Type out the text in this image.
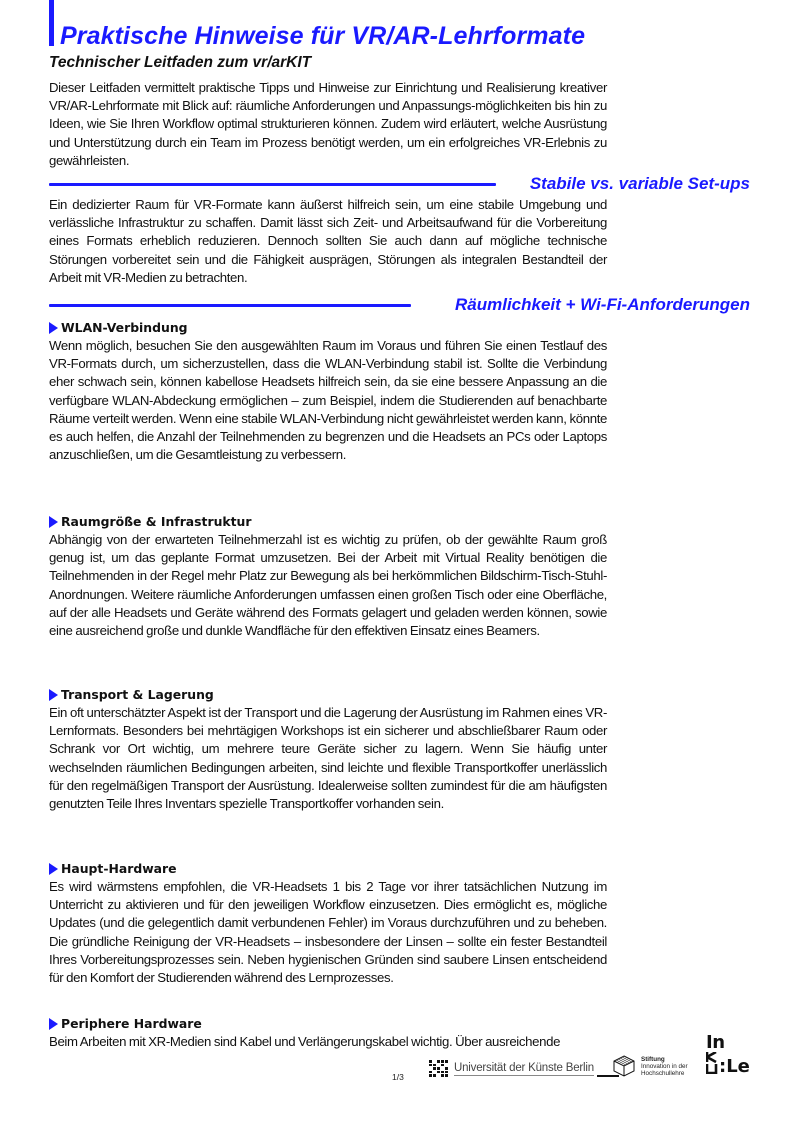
Praktische Hinweise für VR/AR-Lehrformate
Technischer Leitfaden zum vr/arKIT

Dieser Leitfaden vermittelt praktische Tipps und Hinweise zur Einrichtung und Realisierung kreativer VR/AR-Lehrformate mit Blick auf: räumliche Anforderungen und Anpassungs-möglichkeiten bis hin zu Ideen, wie Sie Ihren Workflow optimal strukturieren können. Zudem wird erläutert, welche Ausrüstung und Unterstützung durch ein Team im Prozess benötigt werden, um ein erfolgreiches VR-Erlebnis zu gewährleisten.

Stabile vs. variable Set-ups

Ein dedizierter Raum für VR-Formate kann äußerst hilfreich sein, um eine stabile Umgebung und verlässliche Infrastruktur zu schaffen. Damit lässt sich Zeit- und Arbeitsaufwand für die Vorbereitung eines Formats erheblich reduzieren. Dennoch sollten Sie auch dann auf mögliche technische Störungen vorbereitet sein und die Fähigkeit ausprägen, Störungen als integralen Bestandteil der Arbeit mit VR-Medien zu betrachten.

Räumlichkeit + Wi-Fi-Anforderungen
WLAN-Verbindung

Wenn möglich, besuchen Sie den ausgewählten Raum im Voraus und führen Sie einen Testlauf des VR-Formats durch, um sicherzustellen, dass die WLAN-Verbindung stabil ist. Sollte die Verbindung eher schwach sein, können kabellose Headsets hilfreich sein, da sie eine bessere Anpassung an die verfügbare WLAN-Abdeckung ermöglichen – zum Beispiel, indem die Studierenden auf benachbarte Räume verteilt werden. Wenn eine stabile WLAN-Verbindung nicht gewährleistet werden kann, könnte es auch helfen, die Anzahl der Teilnehmenden zu begrenzen und die Headsets an PCs oder Laptops anzuschließen, um die Gesamtleistung zu verbessern.

Raumgröße & Infrastruktur

Abhängig von der erwarteten Teilnehmerzahl ist es wichtig zu prüfen, ob der gewählte Raum groß genug ist, um das geplante Format umzusetzen. Bei der Arbeit mit Virtual Reality benötigen die Teilnehmenden in der Regel mehr Platz zur Bewegung als bei herkömmlichen Bildschirm-Tisch-Stuhl-Anordnungen. Weitere räumliche Anforderungen umfassen einen großen Tisch oder eine Oberfläche, auf der alle Headsets und Geräte während des Formats gelagert und geladen werden können, sowie eine ausreichend große und dunkle Wandfläche für den effektiven Einsatz eines Beamers.

Transport & Lagerung

Ein oft unterschätzter Aspekt ist der Transport und die Lagerung der Ausrüstung im Rahmen eines VR-Lernformats. Besonders bei mehrtägigen Workshops ist ein sicherer und abschließbarer Raum oder Schrank vor Ort wichtig, um mehrere teure Geräte sicher zu lagern. Wenn Sie häufig unter wechselnden räumlichen Bedingungen arbeiten, sind leichte und flexible Transportkoffer unerlässlich für den regelmäßigen Transport der Ausrüstung. Idealerweise sollten zumindest für die am häufigsten genutzten Teile Ihres Inventars spezielle Transportkoffer vorhanden sein.

Haupt-Hardware

Es wird wärmstens empfohlen, die VR-Headsets 1 bis 2 Tage vor ihrer tatsächlichen Nutzung im Unterricht zu aktivieren und für den jeweiligen Workflow einzusetzen. Dies ermöglicht es, mögliche Updates (und die gelegentlich damit verbundenen Fehler) im Voraus durchzuführen und zu beheben. Die gründliche Reinigung der VR-Headsets – insbesondere der Linsen – sollte ein fester Bestandteil Ihres Vorbereitungsprozesses sein. Neben hygienischen Gründen sind saubere Linsen entscheidend für den Komfort der Studierenden während des Lernprozesses.

Periphere Hardware

Beim Arbeiten mit XR-Medien sind Kabel und Verlängerungskabel wichtig. Über ausreichende

1/3
Universität der Künste Berlin
Stiftung
Innovation in der
Hochschullehre
In
:Le
